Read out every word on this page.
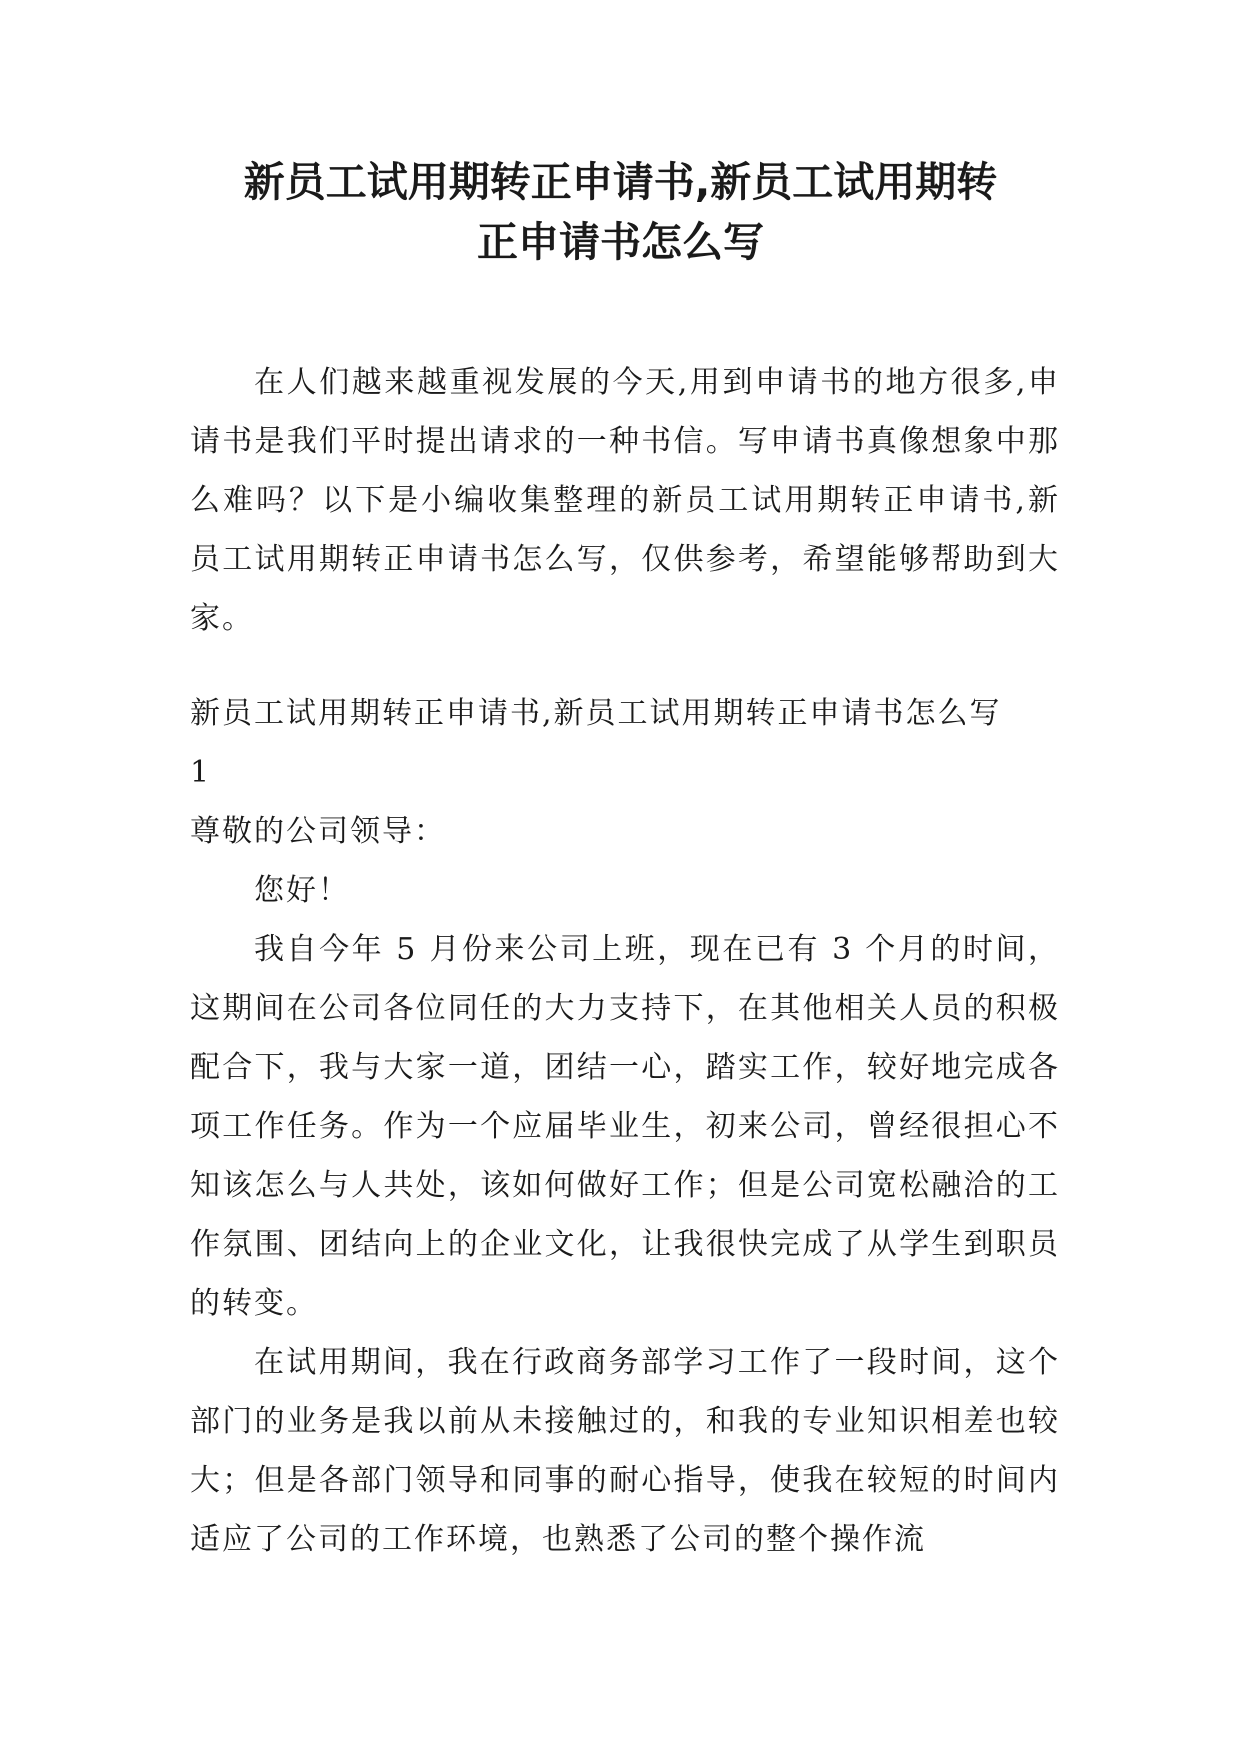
新员工试用期转正申请书,新员工试用期转
正申请书怎么写

在人们越来越重视发展的今天,用到申请书的地方很多,申请书是我们平时提出请求的一种书信。写申请书真像想象中那么难吗？以下是小编收集整理的新员工试用期转正申请书,新员工试用期转正申请书怎么写，仅供参考，希望能够帮助到大家。

新员工试用期转正申请书,新员工试用期转正申请书怎么写

1

尊敬的公司领导：

您好！

我自今年 5 月份来公司上班，现在已有 3 个月的时间，这期间在公司各位同任的大力支持下，在其他相关人员的积极配合下，我与大家一道，团结一心，踏实工作，较好地完成各项工作任务。作为一个应届毕业生，初来公司，曾经很担心不知该怎么与人共处，该如何做好工作；但是公司宽松融洽的工作氛围、团结向上的企业文化，让我很快完成了从学生到职员的转变。

在试用期间，我在行政商务部学习工作了一段时间，这个部门的业务是我以前从未接触过的，和我的专业知识相差也较大；但是各部门领导和同事的耐心指导，使我在较短的时间内适应了公司的工作环境，也熟悉了公司的整个操作流
